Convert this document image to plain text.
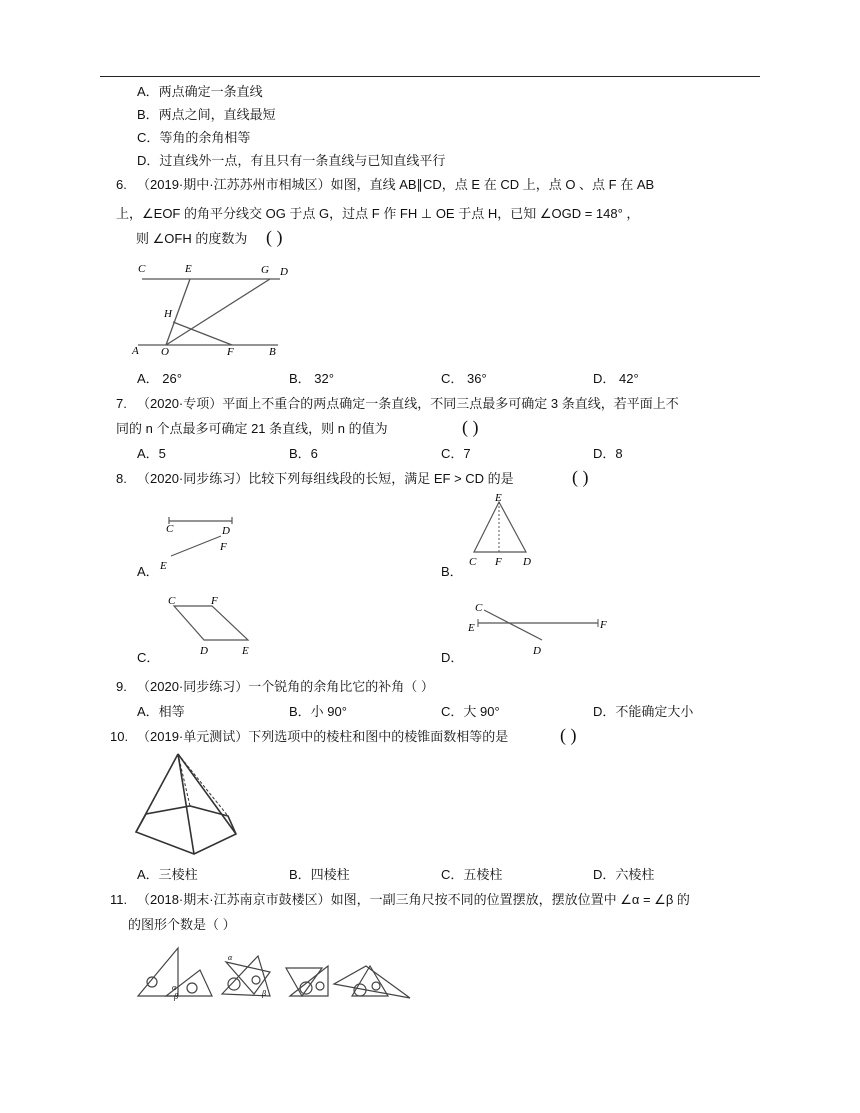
A．两点确定一条直线
B．两点之间，直线最短
C．等角的余角相等
D．过直线外一点，有且只有一条直线与已知直线平行
6. （2019·期中·江苏苏州市相城区）如图，直线 AB∥CD，点 E 在 CD 上，点 O 、点 F 在 AB
上，∠EOF 的角平分线交 OG 于点 G，过点 F 作 FH ⊥ OE 于点 H，已知 ∠OGD = 148° ，
则 ∠OFH 的度数为 ( )
C	E	G D
H
A O	F	B
A． 26°	B． 32°	C． 36°	D． 42°
7. （2020·专项）平面上不重合的两点确定一条直线，不同三点最多可确定 3 条直线，若平面上不
同的 n 个点最多可确定 21 条直线，则 n 的值为	( )
A．5	B．6	C．7	D．8
8. （2020·同步练习）比较下列每组线段的长短，满足 EF > CD 的是	( )
C	D
E
F
A．
E
C F D
B．
C	F
D	E
C．
C
E	F
D
D．
9. （2020·同步练习）一个锐角的余角比它的补角（ ）
A．相等	B．小 90°	C．大 90°	D．不能确定大小
10. （2019·单元测试）下列选项中的棱柱和图中的棱锥面数相等的是	( )
A．三棱柱	B．四棱柱	C．五棱柱	D．六棱柱
11. （2018·期末·江苏南京市鼓楼区）如图，一副三角尺按不同的位置摆放，摆放位置中 ∠α = ∠β 的
的图形个数是（ ）
α
β
α
β
